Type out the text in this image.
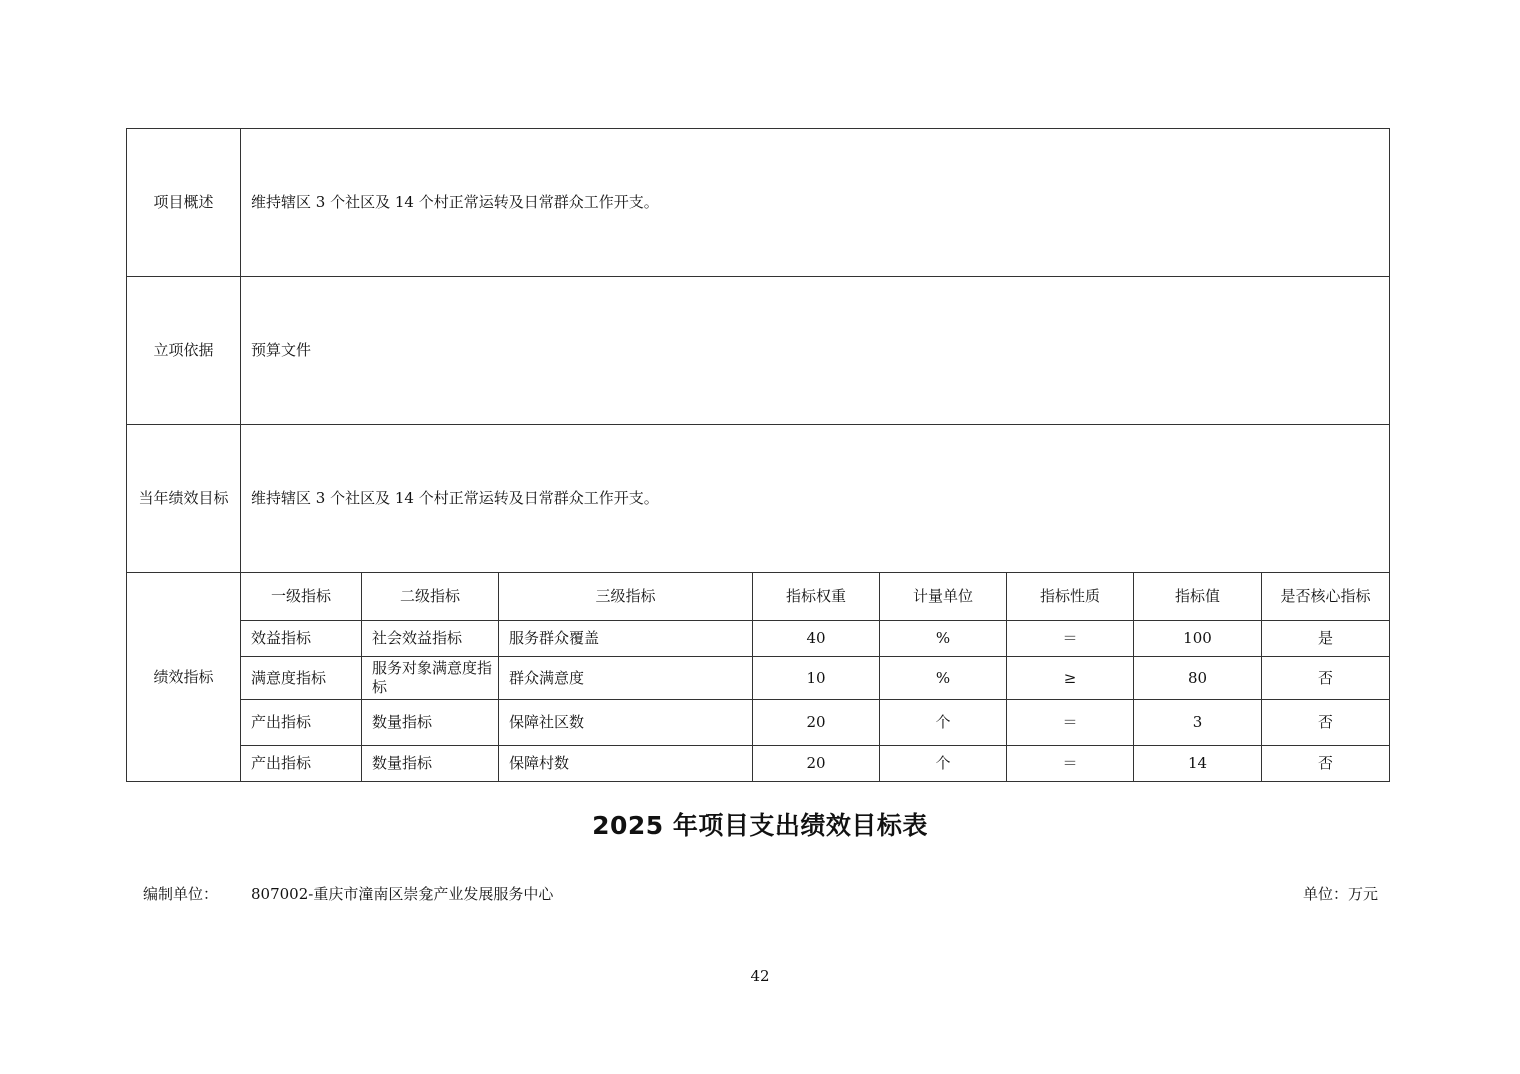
项目概述	维持辖区 3 个社区及 14 个村正常运转及日常群众工作开支。							
立项依据	预算文件							
当年绩效目标	维持辖区 3 个社区及 14 个村正常运转及日常群众工作开支。							
绩效指标	一级指标	二级指标	三级指标	指标权重	计量单位	指标性质	指标值	是否核心指标
	效益指标	社会效益指标	服务群众覆盖	40	%	＝	100	是
	满意度指标	服务对象满意度指标	群众满意度	10	%	≥	80	否
	产出指标	数量指标	保障社区数	20	个	＝	3	否
	产出指标	数量指标	保障村数	20	个	＝	14	否
2025 年项目支出绩效目标表
编制单位： 807002-重庆市潼南区崇龛产业发展服务中心	单位：万元
42
